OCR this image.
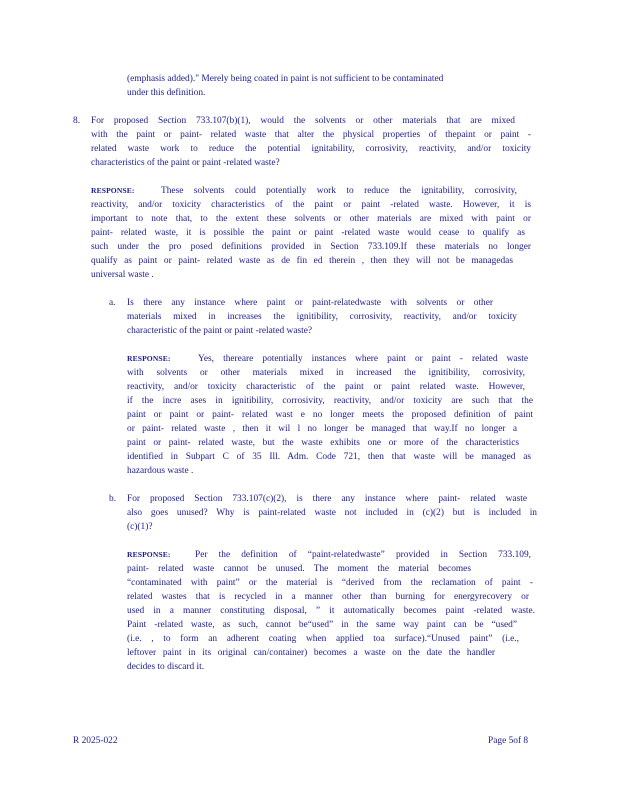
(emphasis added)." Merely being coated in paint is not sufficient to be contaminated
under this definition.
8. For proposed Section 733.107(b)(1), would the solvents or other materials that are mixed
with the paint or paint- related waste that alter the physical properties of thepaint or paint -
related waste work to reduce the potential ignitability, corrosivity, reactivity, and/or toxicity
characteristics of the paint or paint -related waste?
RESPONSE:	These solvents could potentially work to reduce the ignitability, corrosivity,
reactivity, and/or toxicity characteristics of the paint or paint -related waste. However, it is
important to note that, to the extent these solvents or other materials are mixed with paint or
paint- related waste, it is possible the paint or paint -related waste would cease to qualify as
such under the pro posed definitions provided in Section 733.109.If these materials no longer
qualify as paint or paint- related waste as de fin ed therein , then they will not be managedas
universal waste .
a. Is there any instance where paint or paint-relatedwaste with solvents or other
materials mixed in increases the ignitibility, corrosivity, reactivity, and/or toxicity
characteristic of the paint or paint -related waste?
RESPONSE:	Yes, thereare potentially instances where paint or paint - related waste
with solvents or other materials mixed in increased the ignitibility, corrosivity,
reactivity, and/or toxicity characteristic of the paint or paint related waste. However,
if the incre ases in ignitibility, corrosivity, reactivity, and/or toxicity are such that the
paint or paint or paint- related wast e no longer meets the proposed definition of paint
or paint- related waste , then it wil l no longer be managed that way.If no longer a
paint or paint- related waste, but the waste exhibits one or more of the characteristics
identified in Subpart C of 35 Ill. Adm. Code 721, then that waste will be managed as
hazardous waste .
b. For proposed Section 733.107(c)(2), is there any instance where paint- related waste
also goes unused? Why is paint-related waste not included in (c)(2) but is included in
(c)(1)?
RESPONSE:	Per the definition of “paint-relatedwaste” provided in Section 733.109,
paint- related waste cannot be unused. The moment the material becomes
“contaminated with paint” or the material is “derived from the reclamation of paint -
related wastes that is recycled in a manner other than burning for energyrecovery or
used in a manner constituting disposal, ” it automatically becomes paint -related waste.
Paint -related waste, as such, cannot be“used” in the same way paint can be “used”
(i.e. , to form an adherent coating when applied toa surface).“Unused paint” (i.e.,
leftover paint in its original can/container) becomes a waste on the date the handler
decides to discard it.
R 2025-022	Page 5of 8
